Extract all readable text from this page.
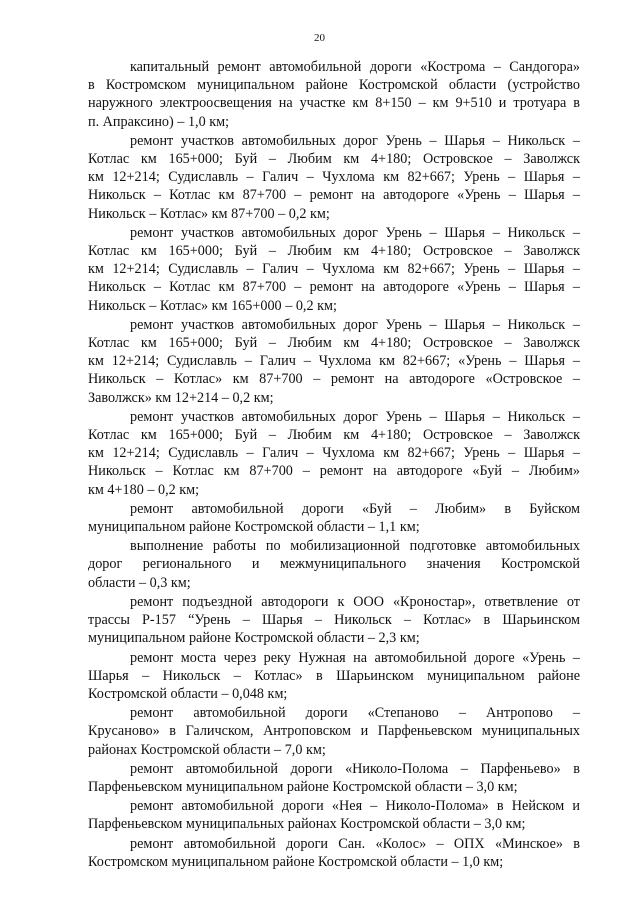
20

капитальный ремонт автомобильной дороги «Кострома – Сандогора»
в Костромском муниципальном районе Костромской области (устройство
наружного электроосвещения на участке км 8+150 – км 9+510 и тротуара в
п. Апраксино) – 1,0 км;

ремонт участков автомобильных дорог Урень – Шарья – Никольск –
Котлас км 165+000; Буй – Любим км 4+180; Островское – Заволжск
км 12+214; Судиславль – Галич – Чухлома км 82+667; Урень – Шарья –
Никольск – Котлас км 87+700 – ремонт на автодороге «Урень – Шарья –
Никольск – Котлас» км 87+700 – 0,2 км;

ремонт участков автомобильных дорог Урень – Шарья – Никольск –
Котлас км 165+000; Буй – Любим км 4+180; Островское – Заволжск
км 12+214; Судиславль – Галич – Чухлома км 82+667; Урень – Шарья –
Никольск – Котлас км 87+700 – ремонт на автодороге «Урень – Шарья –
Никольск – Котлас» км 165+000 – 0,2 км;

ремонт участков автомобильных дорог Урень – Шарья – Никольск –
Котлас км 165+000; Буй – Любим км 4+180; Островское – Заволжск
км 12+214; Судиславль – Галич – Чухлома км 82+667; «Урень – Шарья –
Никольск – Котлас» км 87+700 – ремонт на автодороге «Островское –
Заволжск» км 12+214 – 0,2 км;

ремонт участков автомобильных дорог Урень – Шарья – Никольск –
Котлас км 165+000; Буй – Любим км 4+180; Островское – Заволжск
км 12+214; Судиславль – Галич – Чухлома км 82+667; Урень – Шарья –
Никольск – Котлас км 87+700 – ремонт на автодороге «Буй – Любим»
км 4+180 – 0,2 км;

ремонт автомобильной дороги «Буй – Любим» в Буйском
муниципальном районе Костромской области – 1,1 км;

выполнение работы по мобилизационной подготовке автомобильных
дорог регионального и межмуниципального значения Костромской
области – 0,3 км;

ремонт подъездной автодороги к ООО «Кроностар», ответвление от
трассы Р-157 “Урень – Шарья – Никольск – Котлас» в Шарьинском
муниципальном районе Костромской области – 2,3 км;

ремонт моста через реку Нужная на автомобильной дороге «Урень –
Шарья – Никольск – Котлас» в Шарьинском муниципальном районе
Костромской области – 0,048 км;

ремонт автомобильной дороги «Степаново – Антропово –
Крусаново» в Галичском, Антроповском и Парфеньевском муниципальных
районах Костромской области – 7,0 км;

ремонт автомобильной дороги «Николо-Полома – Парфеньево» в
Парфеньевском муниципальном районе Костромской области – 3,0 км;

ремонт автомобильной дороги «Нея – Николо-Полома» в Нейском и
Парфеньевском муниципальных районах Костромской области – 3,0 км;

ремонт автомобильной дороги Сан. «Колос» – ОПХ «Минское» в
Костромском муниципальном районе Костромской области – 1,0 км;
